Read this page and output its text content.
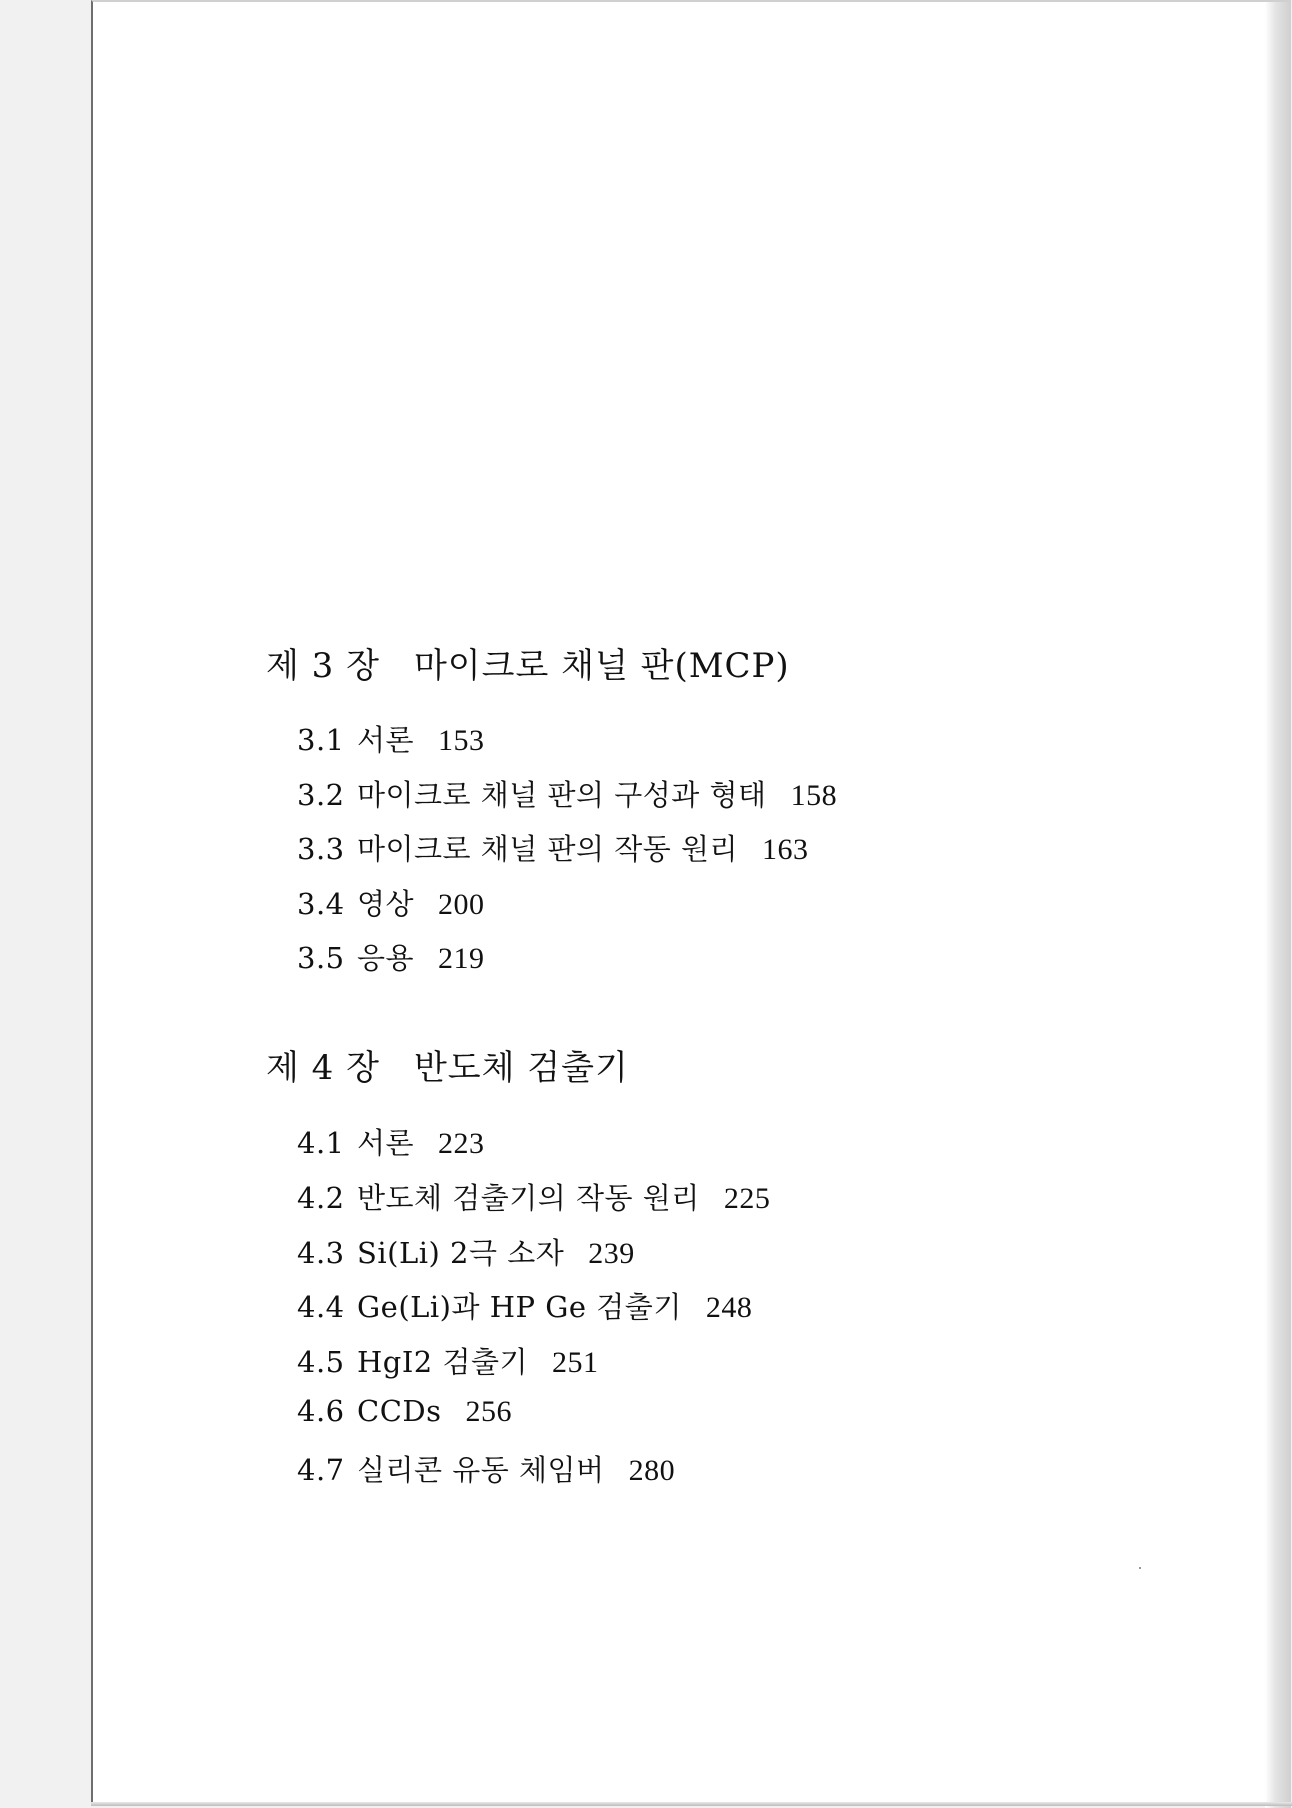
제 3 장 마이크로 채널 판(MCP)
3.1 서론 153
3.2 마이크로 채널 판의 구성과 형태 158
3.3 마이크로 채널 판의 작동 원리 163
3.4 영상 200
3.5 응용 219
제 4 장 반도체 검출기
4.1 서론 223
4.2 반도체 검출기의 작동 원리 225
4.3 Si(Li) 2극 소자 239
4.4 Ge(Li)과 HP Ge 검출기 248
4.5 HgI2 검출기 251
4.6 CCDs 256
4.7 실리콘 유동 체임버 280
